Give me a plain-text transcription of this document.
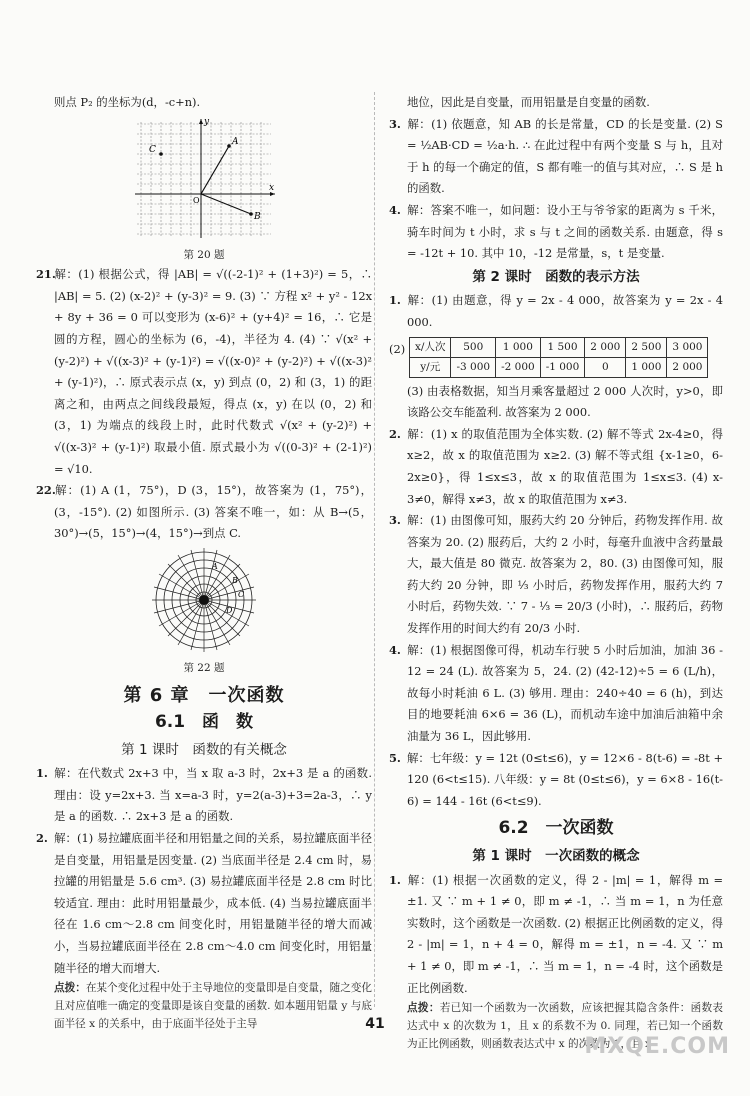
则点 P₂ 的坐标为(d，-c+n).

A
B
C
y
x
O
第 20 题

21.解：(1) 根据公式，得 |AB| = √((-2-1)² + (1+3)²) = 5，∴ |AB| = 5. (2) (x-2)² + (y-3)² = 9. (3) ∵ 方程 x² + y² - 12x + 8y + 36 = 0 可以变形为 (x-6)² + (y+4)² = 16，∴ 它是圆的方程，圆心的坐标为 (6，-4)，半径为 4. (4) ∵ √(x² + (y-2)²) + √((x-3)² + (y-1)²) = √((x-0)² + (y-2)²) + √((x-3)² + (y-1)²)，∴ 原式表示点 (x，y) 到点 (0，2) 和 (3，1) 的距离之和，由两点之间线段最短，得点 (x，y) 在以 (0，2) 和 (3，1) 为端点的线段上时，此时代数式 √(x² + (y-2)²) + √((x-3)² + (y-1)²) 取最小值. 原式最小为 √((0-3)² + (2-1)²) = √10.

22.解：(1) A (1，75°)，D (3，15°)，故答案为 (1，75°)，(3，-15°). (2) 如图所示. (3) 答案不唯一，如：从 B→(5，30°)→(5，15°)→(4，15°)→到点 C.

A
B
C
D
第 22 题
第 6 章　一次函数
6.1　函　数
第 1 课时　函数的有关概念

1. 解：在代数式 2x+3 中，当 x 取 a-3 时，2x+3 是 a 的函数. 理由：设 y=2x+3. 当 x=a-3 时，y=2(a-3)+3=2a-3，∴ y 是 a 的函数. ∴ 2x+3 是 a 的函数.

2. 解：(1) 易拉罐底面半径和用铝量之间的关系，易拉罐底面半径是自变量，用铝量是因变量. (2) 当底面半径是 2.4 cm 时，易拉罐的用铝量是 5.6 cm³. (3) 易拉罐底面半径是 2.8 cm 时比较适宜. 理由：此时用铝量最少，成本低. (4) 当易拉罐底面半径在 1.6 cm～2.8 cm 间变化时，用铝量随半径的增大而减小，当易拉罐底面半径在 2.8 cm～4.0 cm 间变化时，用铝量随半径的增大而增大.

点拨：在某个变化过程中处于主导地位的变量即是自变量，随之变化且对应值唯一确定的变量即是该自变量的函数. 如本题用铝量 y 与底面半径 x 的关系中，由于底面半径处于主导

地位，因此是自变量，而用铝量是自变量的函数.

3. 解：(1) 依题意，知 AB 的长是常量，CD 的长是变量. (2) S = ½AB·CD = ½a·h. ∴ 在此过程中有两个变量 S 与 h，且对于 h 的每一个确定的值，S 都有唯一的值与其对应，∴ S 是 h 的函数.

4. 解：答案不唯一，如问题：设小王与爷爷家的距离为 s 千米，骑车时间为 t 小时，求 s 与 t 之间的函数关系. 由题意，得 s = -12t + 10. 其中 10，-12 是常量，s，t 是变量.

第 2 课时　函数的表示方法

1. 解：(1) 由题意，得 y = 2x - 4 000，故答案为 y = 2x - 4 000.

(2) x/人次	500	1 000	1 500	2 000	2 500	3 000
y/元	-3 000	-2 000	-1 000	0	1 000	2 000

(3) 由表格数据，知当月乘客量超过 2 000 人次时，y>0，即该路公交车能盈利. 故答案为 2 000.

2. 解：(1) x 的取值范围为全体实数. (2) 解不等式 2x-4≥0，得 x≥2，故 x 的取值范围为 x≥2. (3) 解不等式组 {x-1≥0，6-2x≥0}，得 1≤x≤3，故 x 的取值范围为 1≤x≤3. (4) x-3≠0，解得 x≠3，故 x 的取值范围为 x≠3.

3. 解：(1) 由图像可知，服药大约 20 分钟后，药物发挥作用. 故答案为 20. (2) 服药后，大约 2 小时，每毫升血液中含药量最大，最大值是 80 微克. 故答案为 2，80. (3) 由图像可知，服药大约 20 分钟，即 ⅓ 小时后，药物发挥作用，服药大约 7 小时后，药物失效. ∵ 7 - ⅓ = 20/3 (小时)，∴ 服药后，药物发挥作用的时间大约有 20/3 小时.

4. 解：(1) 根据图像可得，机动车行驶 5 小时后加油，加油 36 - 12 = 24 (L). 故答案为 5，24. (2) (42-12)÷5 = 6 (L/h)，故每小时耗油 6 L. (3) 够用. 理由：240÷40 = 6 (h)，到达目的地要耗油 6×6 = 36 (L)，而机动车途中加油后油箱中余油量为 36 L，因此够用.

5. 解：七年级：y = 12t (0≤t≤6)，y = 12×6 - 8(t-6) = -8t + 120 (6<t≤15). 八年级：y = 8t (0≤t≤6)，y = 6×8 - 16(t-6) = 144 - 16t (6<t≤9).

6.2　一次函数
第 1 课时　一次函数的概念

1. 解：(1) 根据一次函数的定义，得 2 - |m| = 1，解得 m = ±1. 又 ∵ m + 1 ≠ 0，即 m ≠ -1，∴ 当 m = 1，n 为任意实数时，这个函数是一次函数. (2) 根据正比例函数的定义，得 2 - |m| = 1，n + 4 = 0，解得 m = ±1，n = -4. 又 ∵ m + 1 ≠ 0，即 m ≠ -1，∴ 当 m = 1，n = -4 时，这个函数是正比例函数.

点拨：若已知一个函数为一次函数，应该把握其隐含条件：函数表达式中 x 的次数为 1，且 x 的系数不为 0. 同理，若已知一个函数为正比例函数，则函数表达式中 x 的次数为 1，且 x

41
MXQE.COM
